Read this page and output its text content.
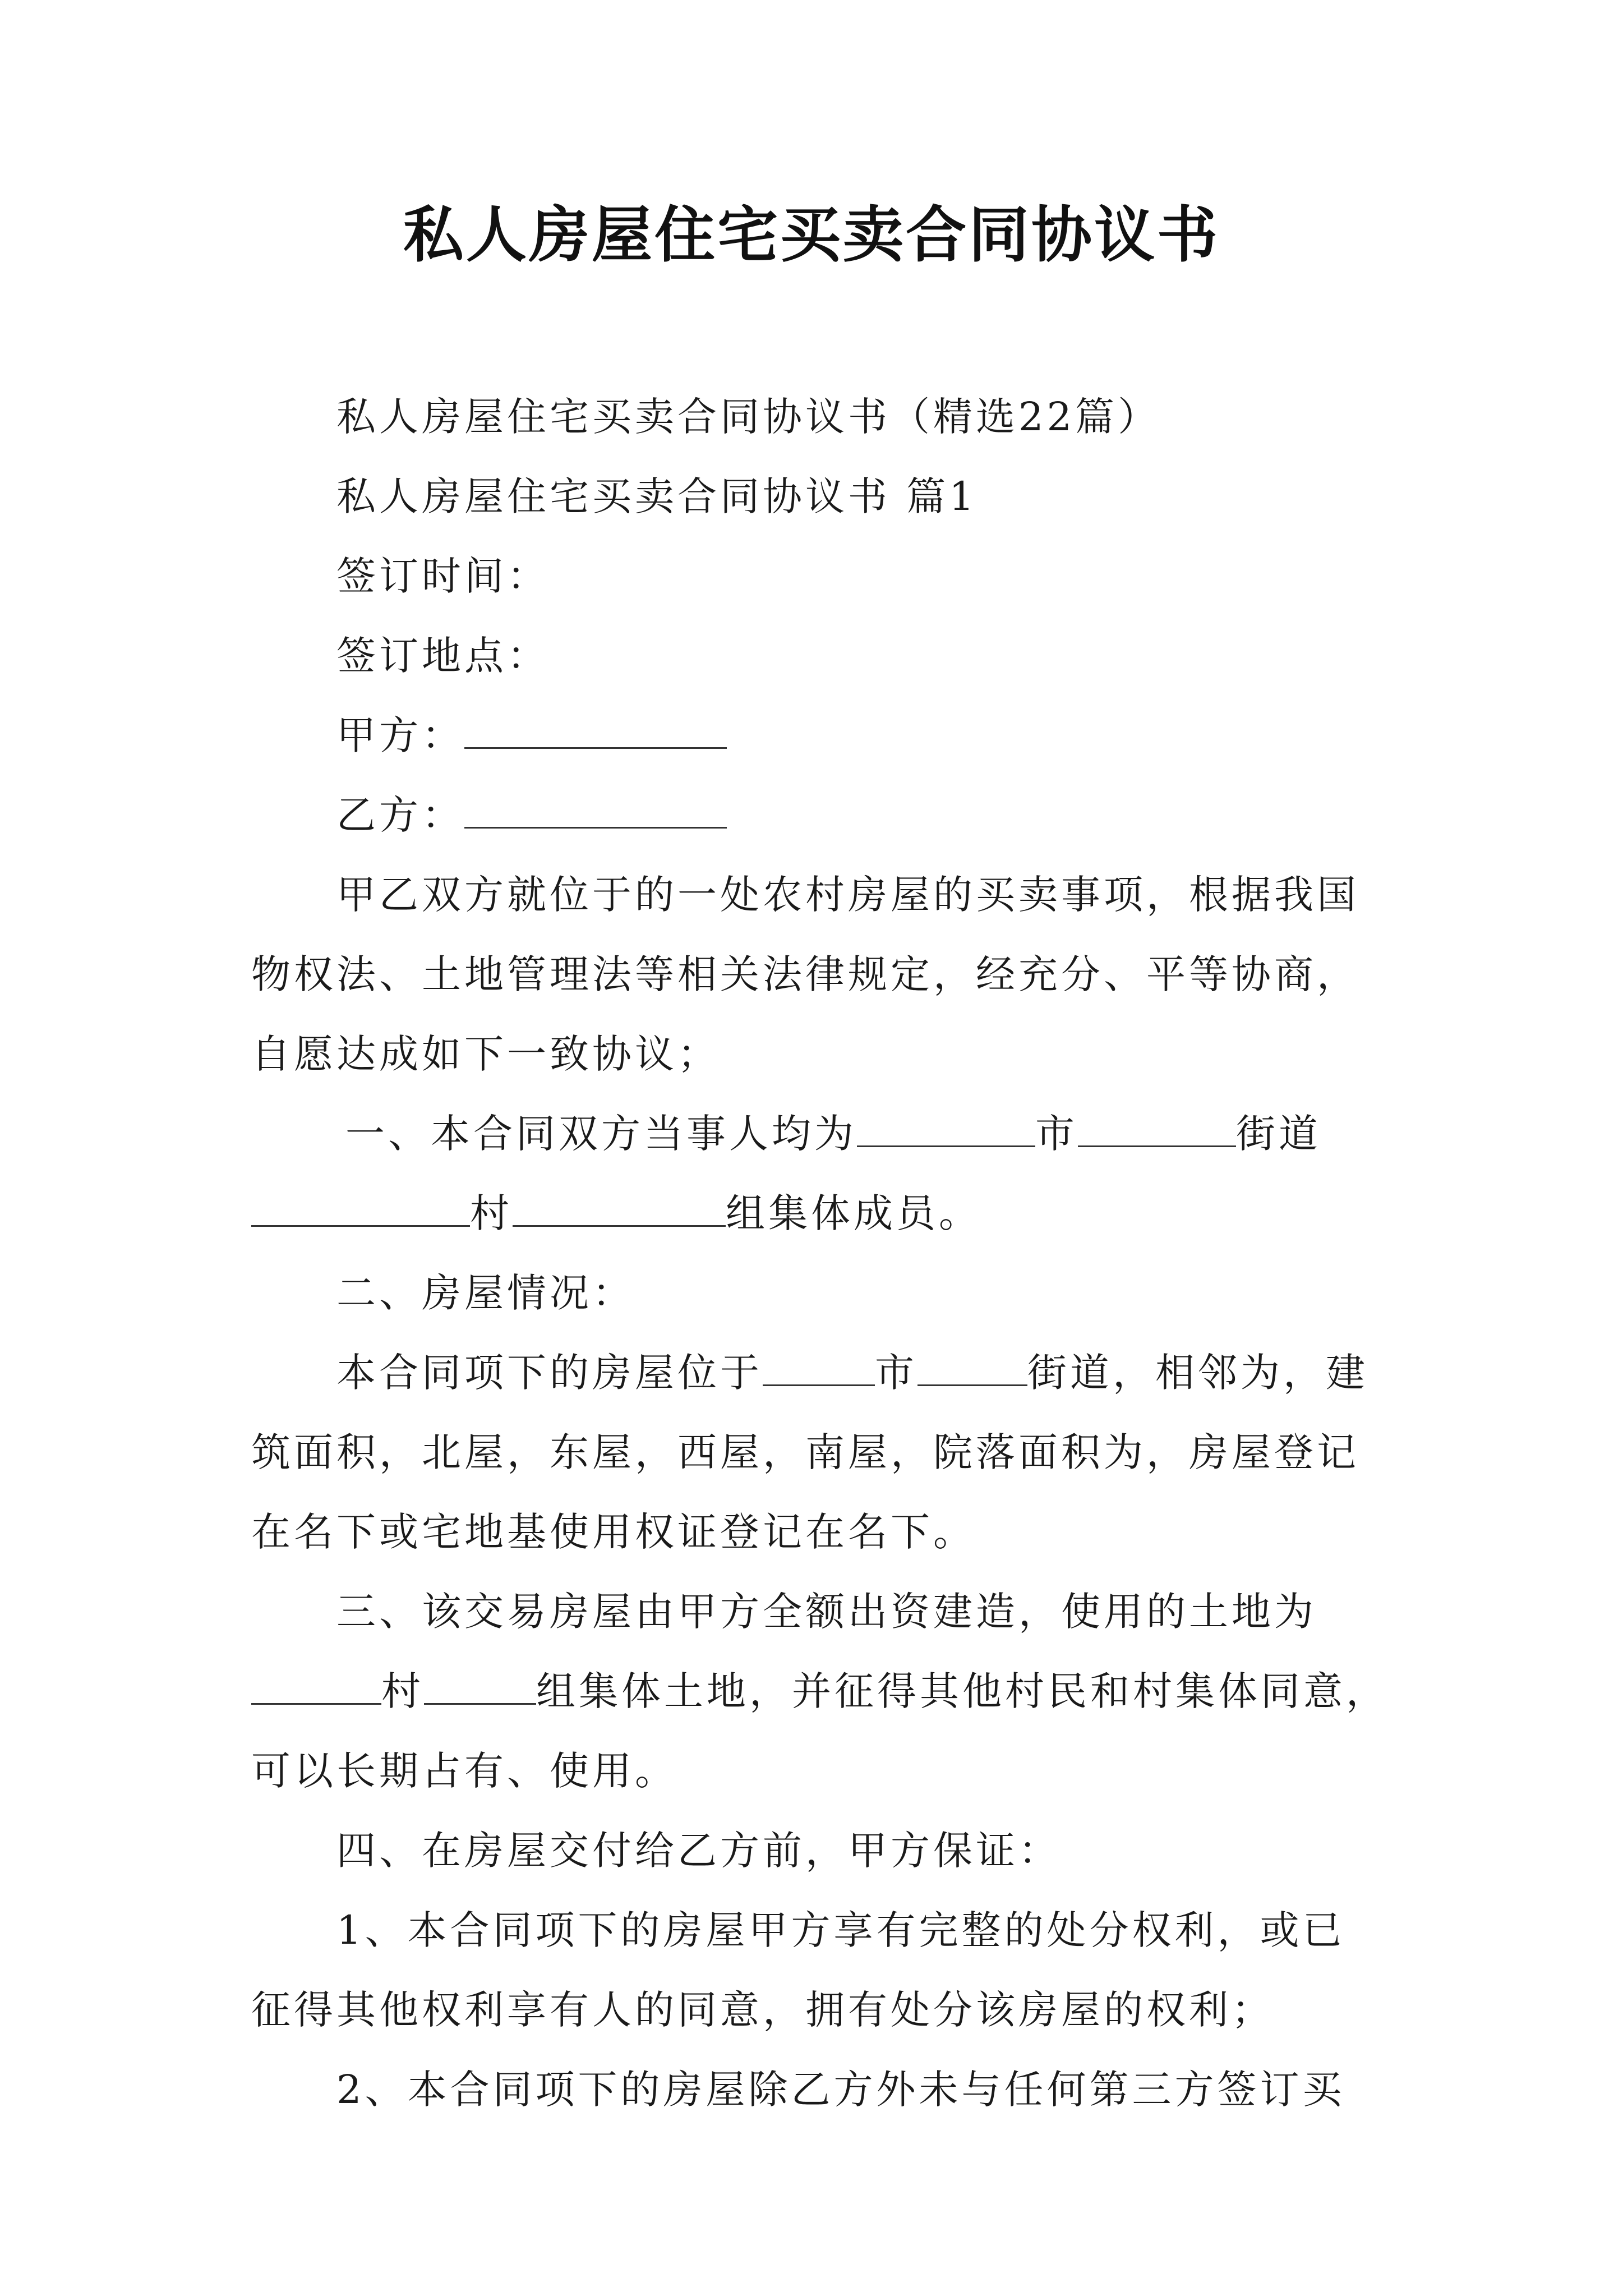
私人房屋住宅买卖合同协议书
私人房屋住宅买卖合同协议书（精选22篇）
私人房屋住宅买卖合同协议书 篇1
签订时间：
签订地点：
甲方：
乙方：
甲乙双方就位于的一处农村房屋的买卖事项，根据我国
物权法、土地管理法等相关法律规定，经充分、平等协商，
自愿达成如下一致协议；
一、本合同双方当事人均为	市	街道
村	组集体成员。
二、房屋情况：
本合同项下的房屋位于	市	街道，相邻为，建
筑面积，北屋，东屋，西屋，南屋，院落面积为，房屋登记
在名下或宅地基使用权证登记在名下。
三、该交易房屋由甲方全额出资建造，使用的土地为
村	组集体土地，并征得其他村民和村集体同意，
可以长期占有、使用。
四、在房屋交付给乙方前，甲方保证：
1、本合同项下的房屋甲方享有完整的处分权利，或已
征得其他权利享有人的同意，拥有处分该房屋的权利；
2、本合同项下的房屋除乙方外未与任何第三方签订买
